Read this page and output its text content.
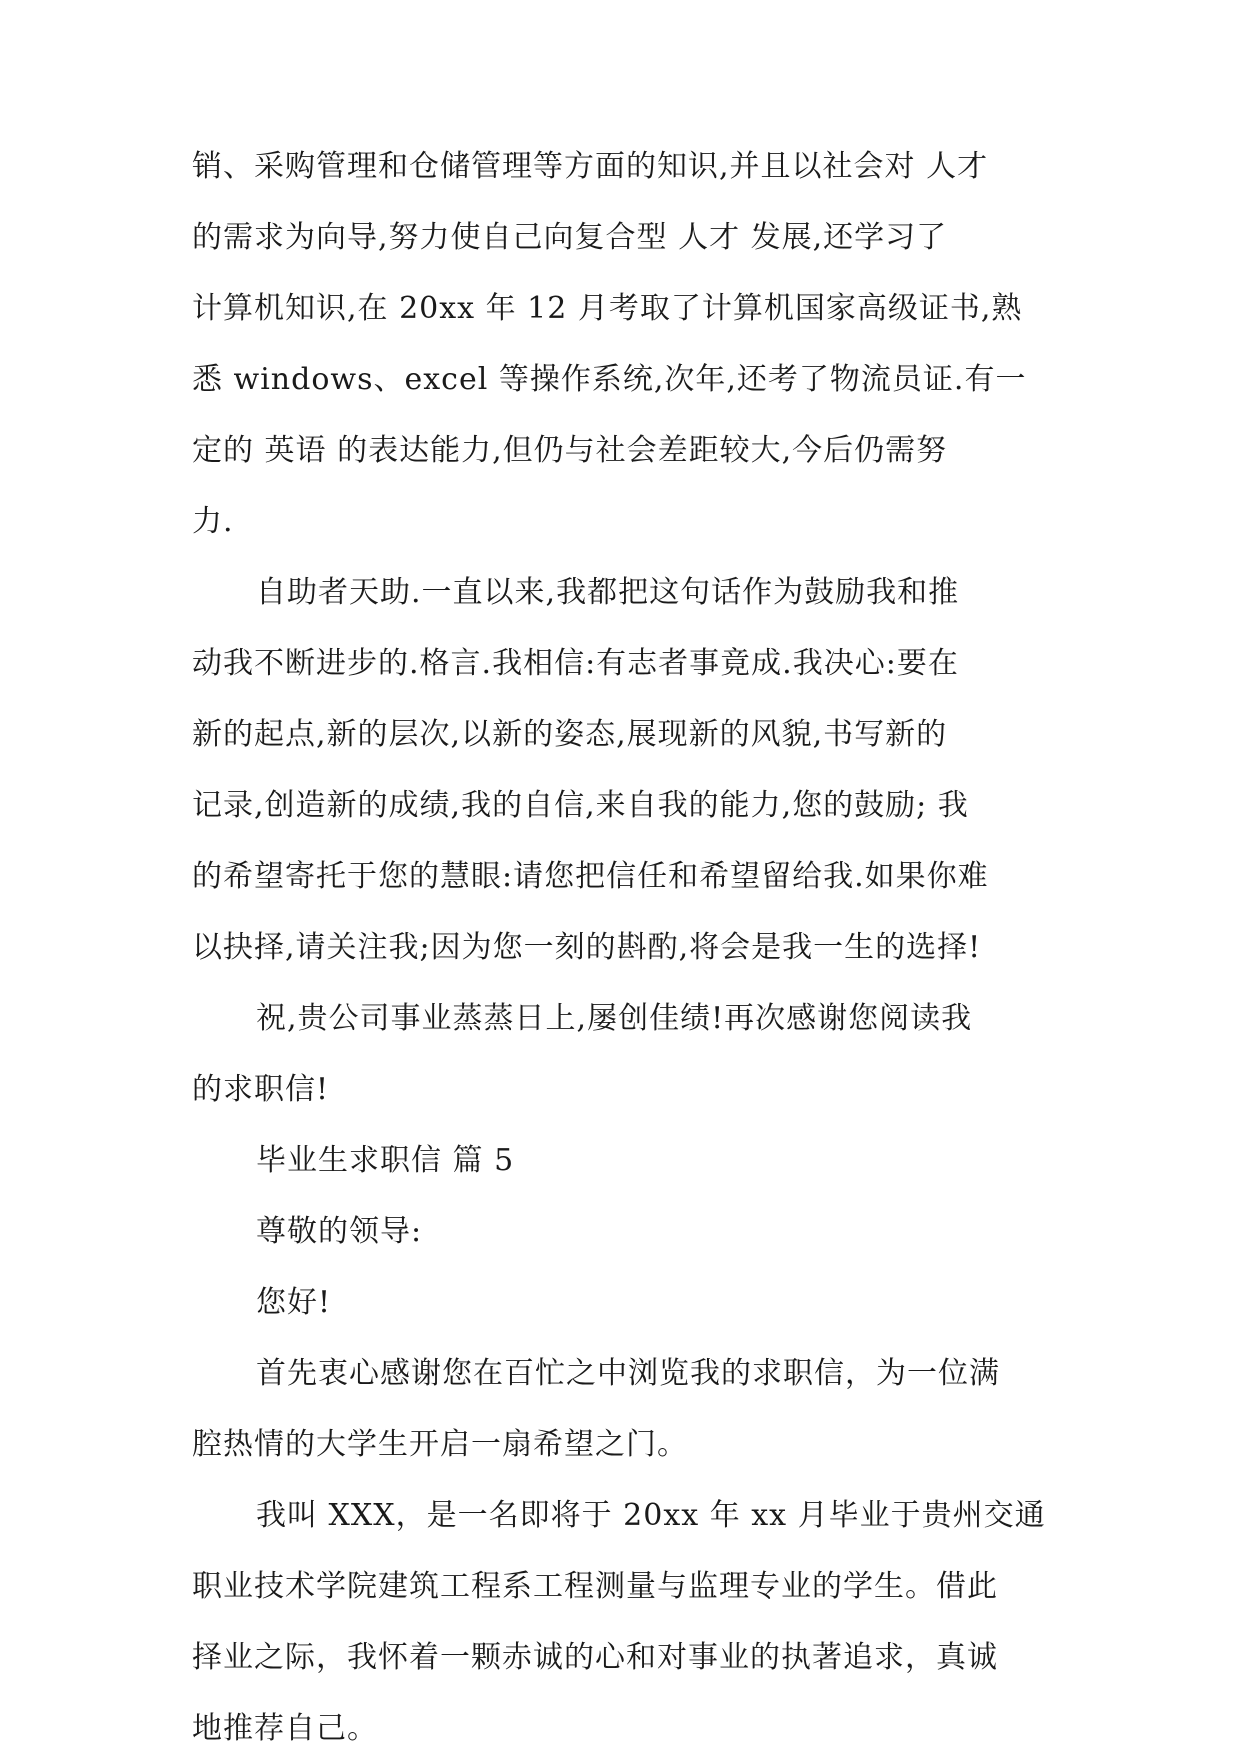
销、采购管理和仓储管理等方面的知识,并且以社会对 人才
的需求为向导,努力使自己向复合型 人才 发展,还学习了
计算机知识,在 20xx 年 12 月考取了计算机国家高级证书,熟
悉 windows、excel 等操作系统,次年,还考了物流员证.有一
定的 英语 的表达能力,但仍与社会差距较大,今后仍需努
力.
自助者天助.一直以来,我都把这句话作为鼓励我和推
动我不断进步的.格言.我相信:有志者事竟成.我决心:要在
新的起点,新的层次,以新的姿态,展现新的风貌,书写新的
记录,创造新的成绩,我的自信,来自我的能力,您的鼓励; 我
的希望寄托于您的慧眼:请您把信任和希望留给我.如果你难
以抉择,请关注我;因为您一刻的斟酌,将会是我一生的选择!
祝,贵公司事业蒸蒸日上,屡创佳绩!再次感谢您阅读我
的求职信!
毕业生求职信 篇 5
尊敬的领导:
您好!
首先衷心感谢您在百忙之中浏览我的求职信，为一位满
腔热情的大学生开启一扇希望之门。
我叫 XXX，是一名即将于 20xx 年 xx 月毕业于贵州交通
职业技术学院建筑工程系工程测量与监理专业的学生。借此
择业之际，我怀着一颗赤诚的心和对事业的执著追求，真诚
地推荐自己。
